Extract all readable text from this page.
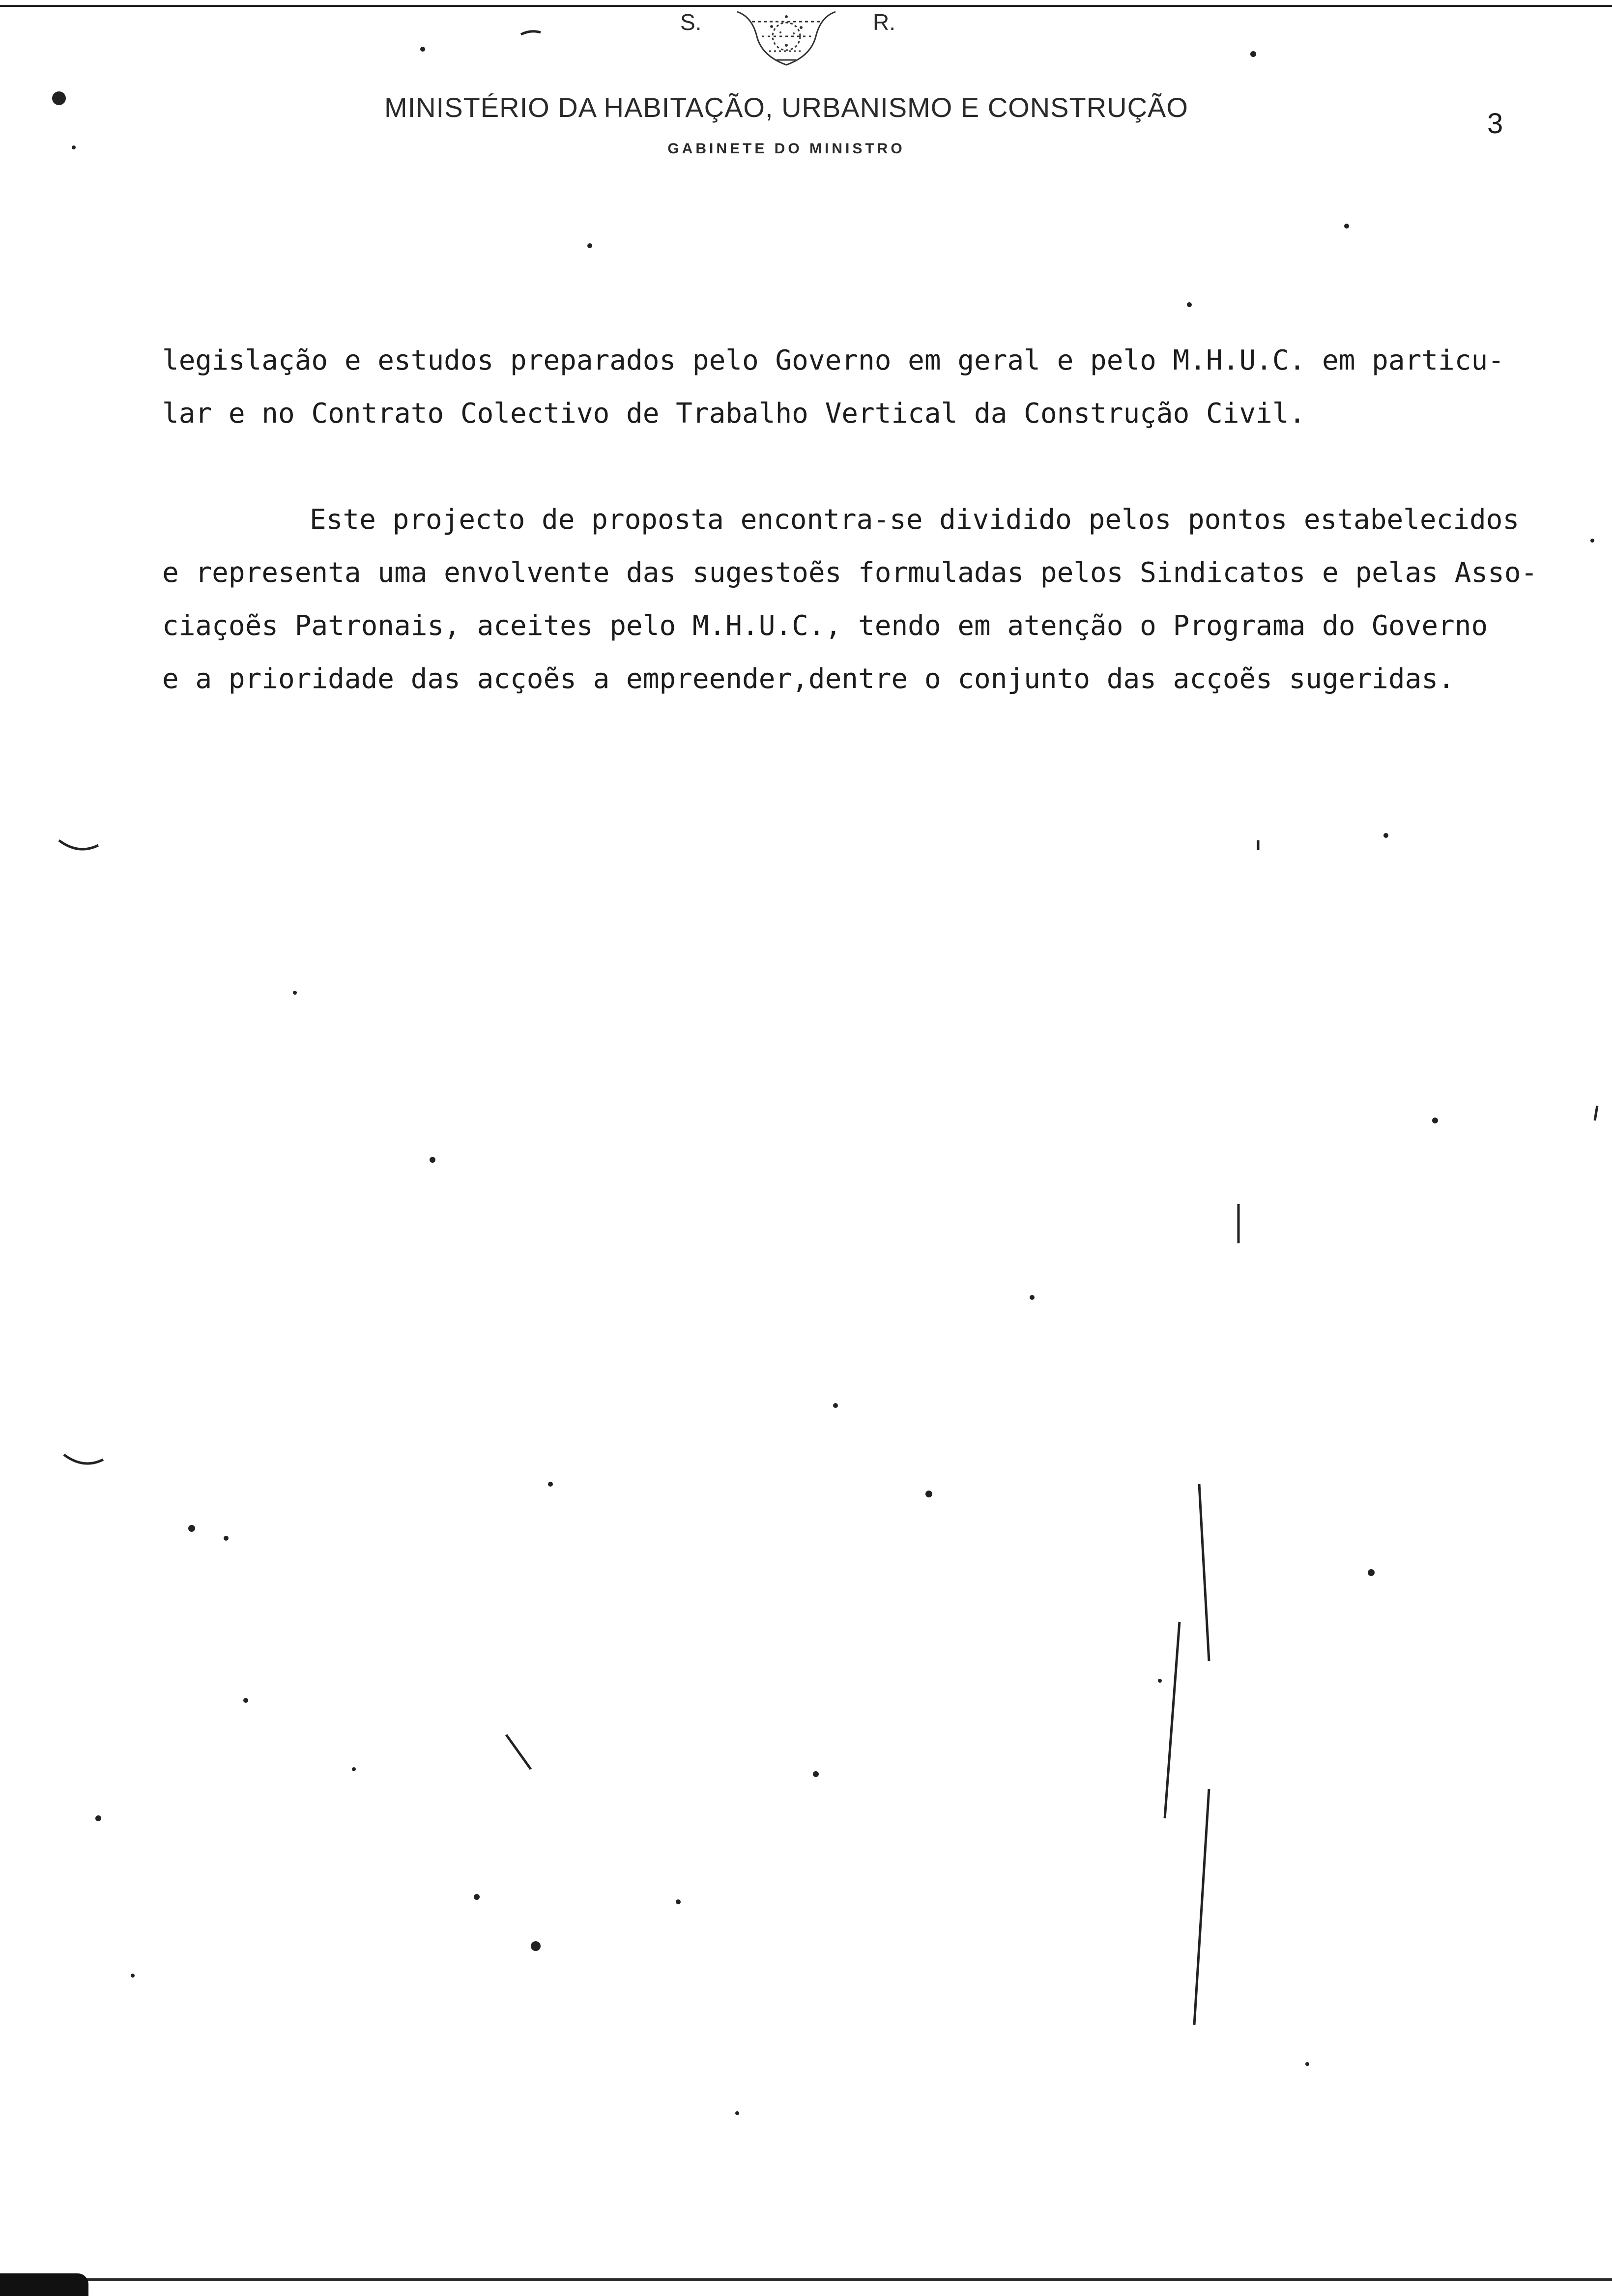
S.	R.
MINISTÉRIO DA HABITAÇÃO, URBANISMO E CONSTRUÇÃO
GABINETE DO MINISTRO
3
legislação e estudos preparados pelo Governo em geral e pelo M.H.U.C. em particu-
lar e no Contrato Colectivo de Trabalho Vertical da Construção Civil.
Este projecto de proposta encontra-se dividido pelos pontos estabelecidos
e representa uma envolvente das sugestoẽs formuladas pelos Sindicatos e pelas Asso-
ciaçoẽs Patronais, aceites pelo M.H.U.C., tendo em atenção o Programa do Governo
e a prioridade das acçoẽs a empreender,dentre o conjunto das acçoẽs sugeridas.
